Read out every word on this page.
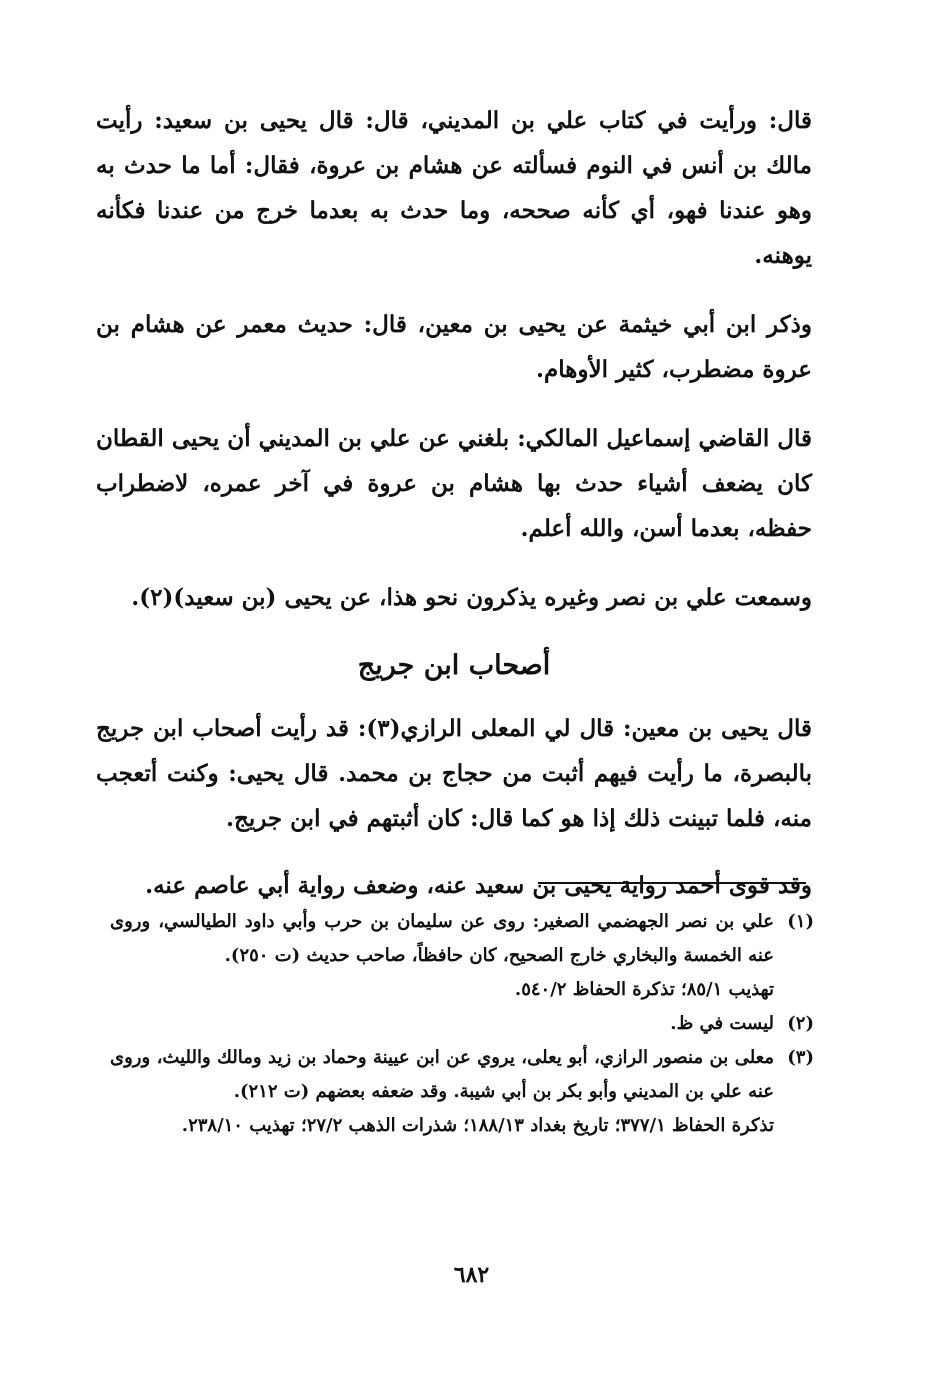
قال: ورأيت في كتاب علي بن المديني، قال: قال يحيى بن سعيد: رأيت مالك بن أنس في النوم فسألته عن هشام بن عروة، فقال: أما ما حدث به وهو عندنا فهو، أي كأنه صححه، وما حدث به بعدما خرج من عندنا فكأنه يوهنه.

وذكر ابن أبي خيثمة عن يحيى بن معين، قال: حديث معمر عن هشام بن عروة مضطرب، كثير الأوهام.

قال القاضي إسماعيل المالكي: بلغني عن علي بن المديني أن يحيى القطان كان يضعف أشياء حدث بها هشام بن عروة في آخر عمره، لاضطراب حفظه، بعدما أسن، والله أعلم.

وسمعت علي بن نصر وغيره يذكرون نحو هذا، عن يحيى (بن سعيد)(٢).

أصحاب ابن جريج

قال يحيى بن معين: قال لي المعلى الرازي(٣): قد رأيت أصحاب ابن جريج بالبصرة، ما رأيت فيهم أثبت من حجاج بن محمد. قال يحيى: وكنت أتعجب منه، فلما تبينت ذلك إذا هو كما قال: كان أثبتهم في ابن جريج.

وقد قوى أحمد رواية يحيى بن سعيد عنه، وضعف رواية أبي عاصم عنه.

(١)
علي بن نصر الجهضمي الصغير: روى عن سليمان بن حرب وأبي داود الطيالسي، وروى عنه الخمسة والبخاري خارج الصحيح، كان حافظاً، صاحب حديث (ت ٢٥٠).
تهذيب ٨٥/١؛ تذكرة الحفاظ ٥٤٠/٢.
(٢)
ليست في ظ.
(٣)
معلى بن منصور الرازي، أبو يعلى، يروي عن ابن عيينة وحماد بن زيد ومالك والليث، وروى عنه علي بن المديني وأبو بكر بن أبي شيبة. وقد ضعفه بعضهم (ت ٢١٢).
تذكرة الحفاظ ٣٧٧/١؛ تاريخ بغداد ١٨٨/١٣؛ شذرات الذهب ٢٧/٢؛ تهذيب ٢٣٨/١٠.
٦٨٢
